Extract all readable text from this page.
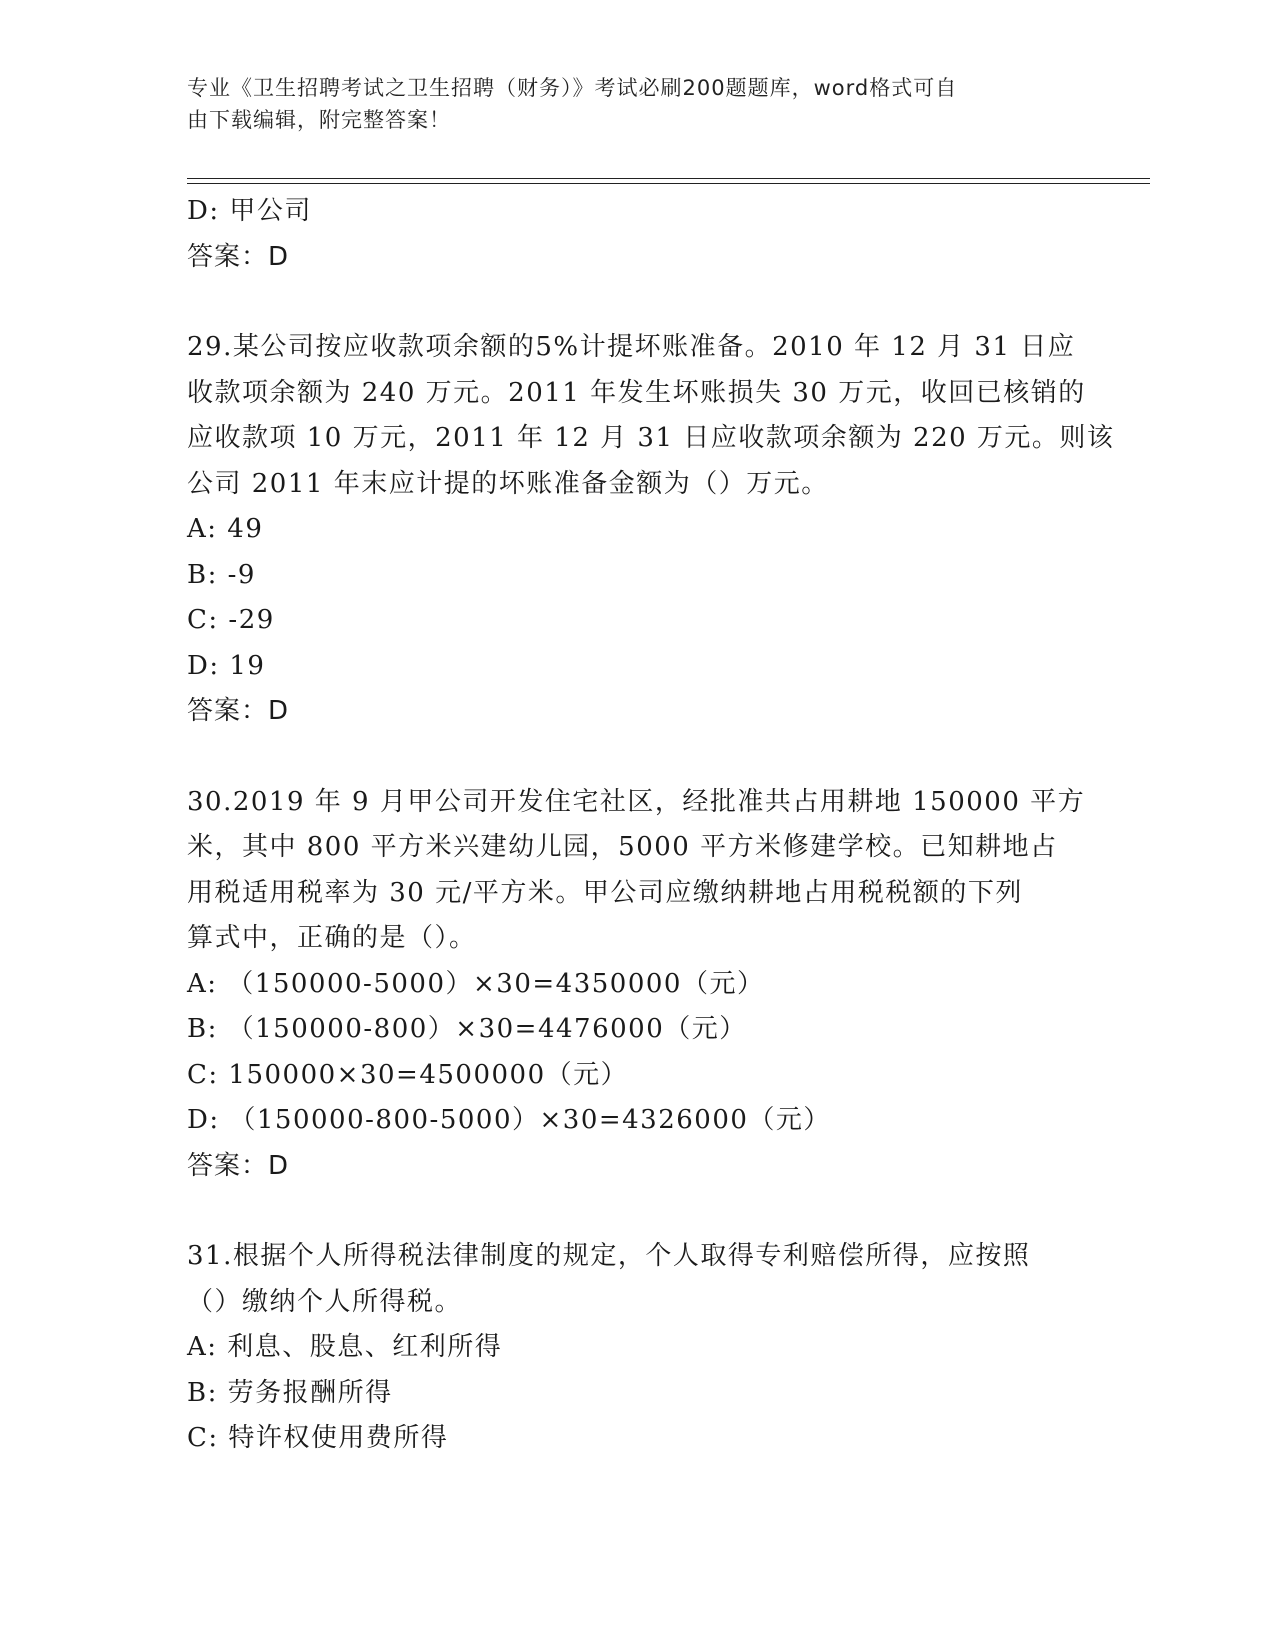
专业《卫生招聘考试之卫生招聘（财务）》考试必刷200题题库，word格式可自
由下载编辑，附完整答案！
D: 甲公司
答案：D
29.某公司按应收款项余额的5%计提坏账准备。2010 年 12 月 31 日应
收款项余额为 240 万元。2011 年发生坏账损失 30 万元，收回已核销的
应收款项 10 万元，2011 年 12 月 31 日应收款项余额为 220 万元。则该
公司 2011 年末应计提的坏账准备金额为（）万元。
A: 49
B: -9
C: -29
D: 19
答案：D
30.2019 年 9 月甲公司开发住宅社区，经批准共占用耕地 150000 平方
米，其中 800 平方米兴建幼儿园，5000 平方米修建学校。已知耕地占
用税适用税率为 30 元/平方米。甲公司应缴纳耕地占用税税额的下列
算式中，正确的是（）。
A: （150000-5000）×30=4350000（元）
B: （150000-800）×30=4476000（元）
C: 150000×30=4500000（元）
D: （150000-800-5000）×30=4326000（元）
答案：D
31.根据个人所得税法律制度的规定，个人取得专利赔偿所得，应按照
（）缴纳个人所得税。
A: 利息、股息、红利所得
B: 劳务报酬所得
C: 特许权使用费所得
